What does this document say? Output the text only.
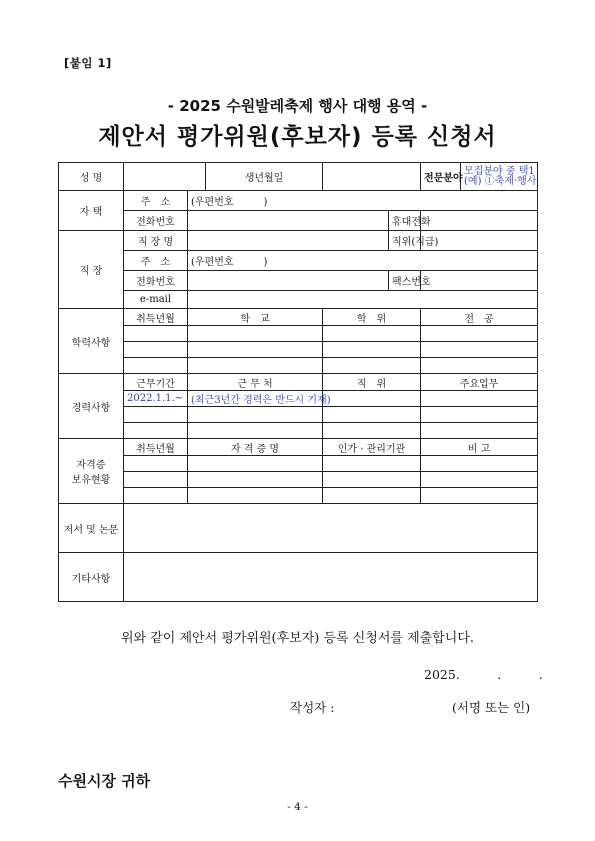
[붙임 1]
- 2025 수원발레축제 행사 대행 용역 -
제안서 평가위원(후보자) 등록 신청서
성 명			생년월일			전문분야	모집분야 중 택1
(예) ①축제·행사

자 택	주　소	(우편번호　　　)					
	전화번호				휴대전화		
직 장	직 장 명				직위(직급)		
	주　소	(우편번호　　　)					
	전화번호				팩스번호		
	e-mail						
학력사항	취득년월	학　교		학　위		전　공	

경력사항	근무기간	근 무 처		직　위		주요업무	
	2022.1.1.~	(최근3년간 경력은 반드시 기재)					

자격증
보유현황	취득년월	자 격 증 명		인가 · 관리기관		비 고	

저서 및 논문							
기타사항							
위와 같이 제안서 평가위원(후보자) 등록 신청서를 제출합니다.
2025.　　　.　　　.
작성자 :	(서명 또는 인)
수원시장 귀하
- 4 -
